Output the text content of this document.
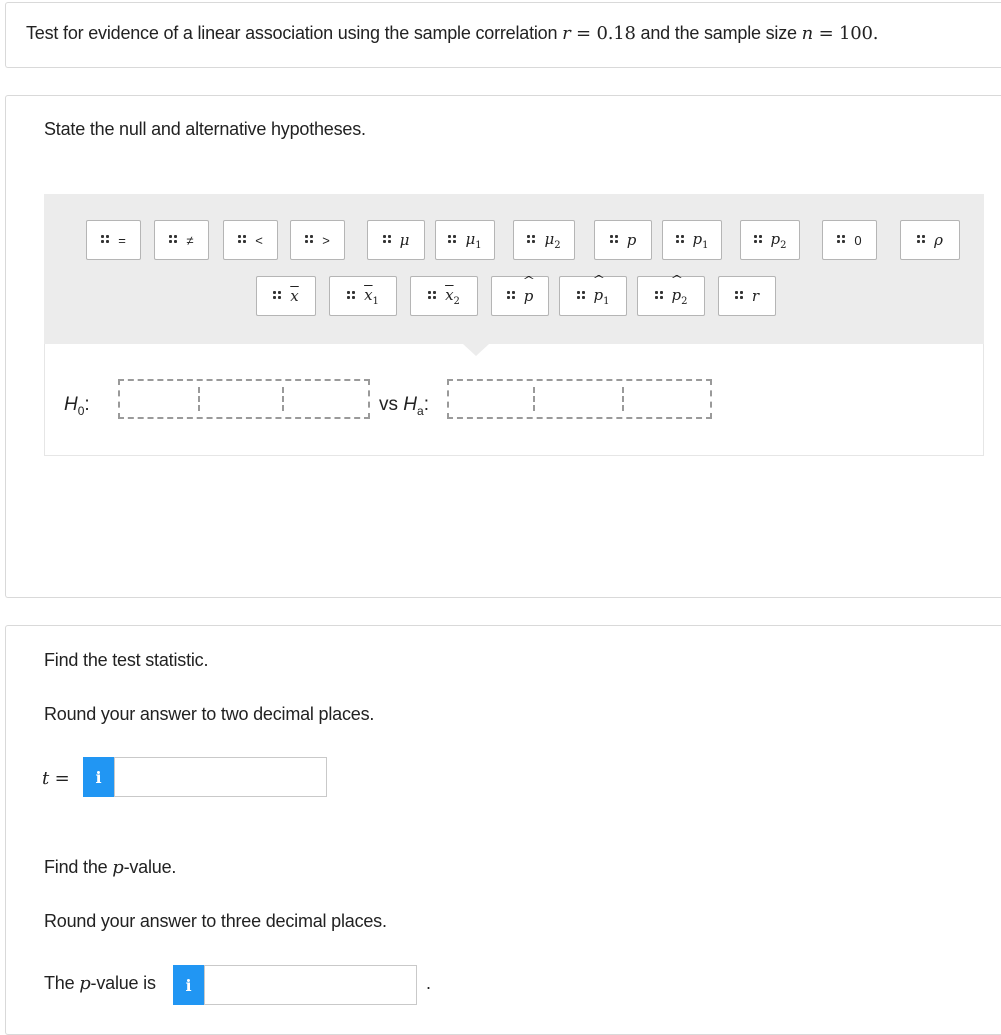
Test for evidence of a linear association using the sample correlation r = 0.18 and the sample size n = 100.
State the null and alternative hypotheses.
=	≠	<	>	μ	$\mu_1$	$\mu_2$	p	$p_1$	$p_2$	0	ρ
$\overline{x}$	$\overline{x}_1$	$\overline{x}_2$	^ p	^ $p_1$	^ $p_2$	r
$H_0$:	vs $H_a$:
Find the test statistic.
Round your answer to two decimal places.
t =	i
Find the p-value.
Round your answer to three decimal places.
The p-value is	i	.
